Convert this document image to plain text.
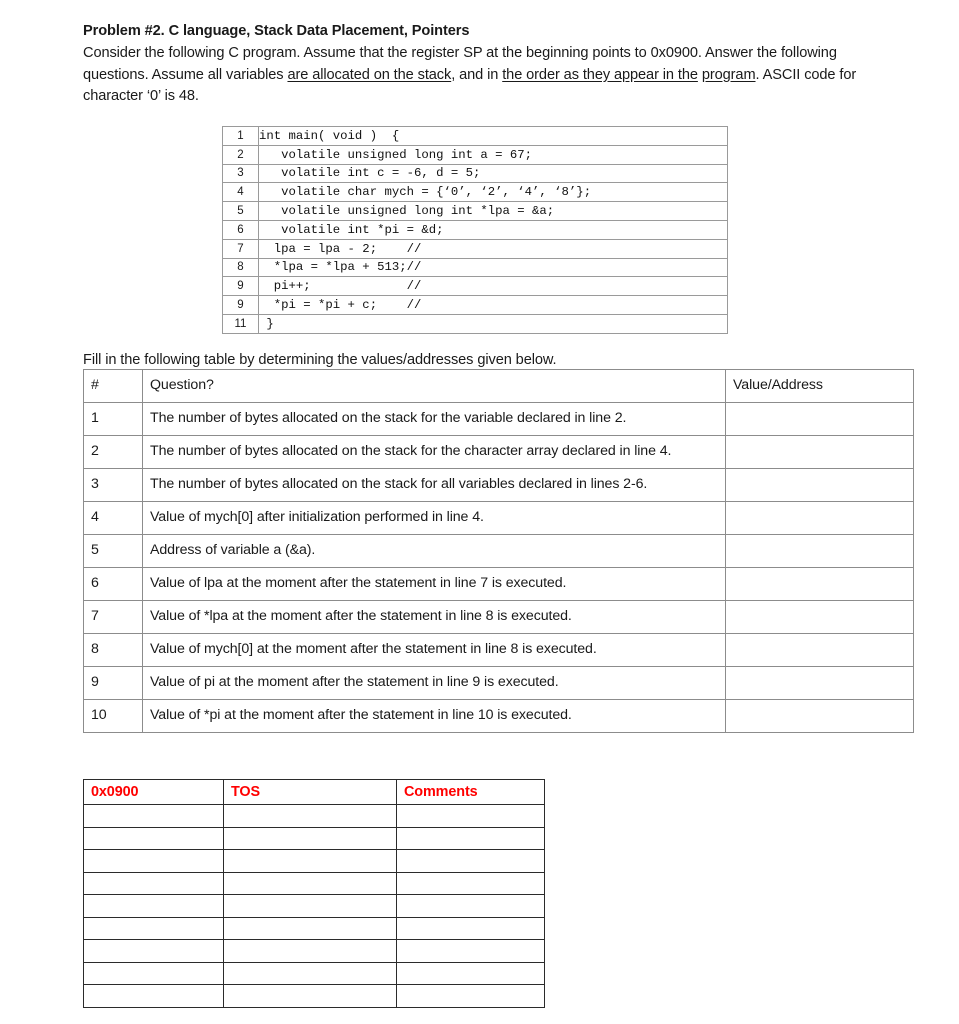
Problem #2. C language, Stack Data Placement, Pointers

Consider the following C program. Assume that the register SP at the beginning points to 0x0900. Answer the following questions. Assume all variables are allocated on the stack, and in the order as they appear in the program. ASCII code for character ‘0’ is 48.

1	int main( void )  {
2	volatile unsigned long int a = 67;
3	volatile int c = -6, d = 5;
4	volatile char mych = {‘0’, ‘2’, ‘4’, ‘8’};
5	volatile unsigned long int *lpa = &a;
6	volatile int *pi = &d;
7	lpa = lpa - 2;    //
8	*lpa = *lpa + 513;//
9	pi++;             //
9	*pi = *pi + c;    //
11	}
Fill in the following table by determining the values/addresses given below.
#	Question?	Value/Address
1	The number of bytes allocated on the stack for the variable declared in line 2.	
2	The number of bytes allocated on the stack for the character array declared in line 4.	
3	The number of bytes allocated on the stack for all variables declared in lines 2-6.	
4	Value of mych[0] after initialization performed in line 4.	
5	Address of variable a (&a).	
6	Value of lpa at the moment after the statement in line 7 is executed.	
7	Value of *lpa at the moment after the statement in line 8 is executed.	
8	Value of mych[0] at the moment after the statement in line 8 is executed.	
9	Value of pi at the moment after the statement in line 9 is executed.	
10	Value of *pi at the moment after the statement in line 10 is executed.	
0x0900	TOS	Comments
